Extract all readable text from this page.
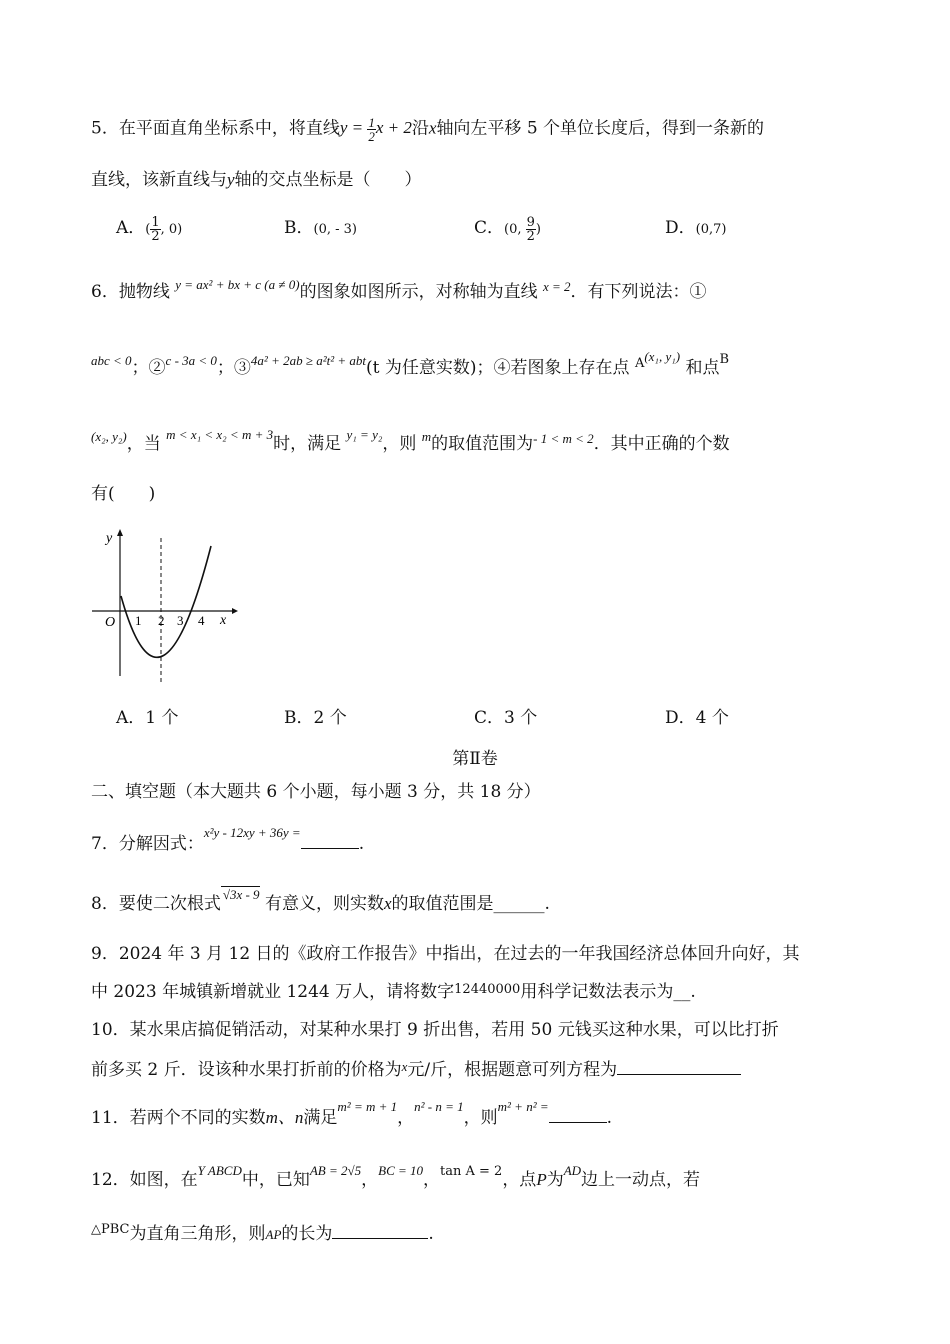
5．在平面直角坐标系中，将直线$y = \frac{1}{2}$ x + 2沿x轴向左平移 5 个单位长度后，得到一条新的
直线，该新直线与y轴的交点坐标是（　　）
A．( $\frac{1}{2}$ , 0)	B．(0, - 3)	C．(0, $\frac{9}{2}$ )	D．(0,7)
6．抛物线 $^{y = ax^2 + bx + c (a \ne 0)}$的图象如图所示，对称轴为直线 $^{x = 2}$．有下列说法：①
$^{abc < 0}$；②$^{c - 3a < 0}$；③$^{4a^2 + 2ab \ge a^2t^2 + abt}$(t 为任意实数)；④若图象上存在点 $^{A(x_1, y_1)}$ 和点$^B$
$^{(x_2, y_2)}$，当 $^{m < x_1 < x_2 < m + 3}$时，满足 $^{y_1 = y_2}$，则 $^m$的取值范围为$^{- 1 < m < 2}$．其中正确的个数
有(　　)
y
x
O 1 2 3 4
A．1 个	B．2 个	C．3 个	D．4 个
第Ⅱ卷
二、填空题（本大题共 6 个小题，每小题 3 分，共 18 分）
7．分解因式：$^{x^2y - 12xy + 36y =}$.
8．要使二次根式 $^{√3x - 9}$ 有意义，则实数x的取值范围是______.
9．2024 年 3 月 12 日的《政府工作报告》中指出，在过去的一年我国经济总体回升向好，其
中 2023 年城镇新增就业 1244 万人，请将数字$^{12440000}$用科学记数法表示为__.
10．某水果店搞促销活动，对某种水果打 9 折出售，若用 50 元钱买这种水果，可以比打折
前多买 2 斤．设该种水果打折前的价格为$^x$元/斤，根据题意可列方程为
11．若两个不同的实数m、n满足$^{m^2 = m + 1}$，$^{n^2 - n = 1}$，则$^{m^2 + n^2 =}$.
12．如图，在$^{Y ABCD}$中，已知$^{AB = 2√5}$，$^{BC = 10}$，$^{tan A = 2}$，点P为$^{AD}$边上一动点，若
$^{\triangle PBC}$为直角三角形，则AP的长为	.
